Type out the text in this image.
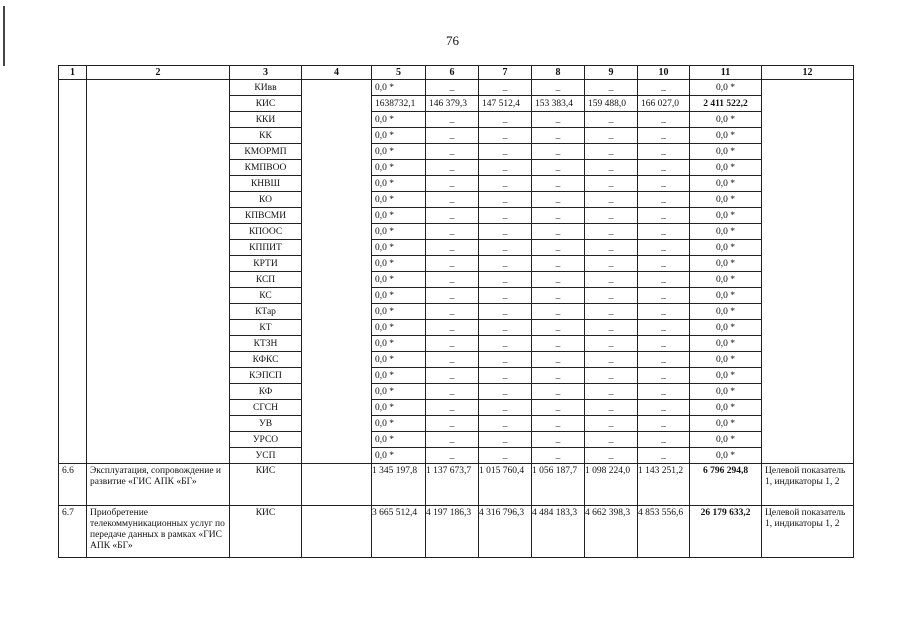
76
1	2	3	4	5	6	7	8	9	10	11	12
		КИвв		0,0 *	_	_	_	_	_	0,0 *	
		КИС		1638732,1	146 379,3	147 512,4	153 383,4	159 488,0	166 027,0	2 411 522,2	
		ККИ		0,0 *	_	_	_	_	_	0,0 *	
		КК		0,0 *	_	_	_	_	_	0,0 *	
		КМОРМП		0,0 *	_	_	_	_	_	0,0 *	
		КМПВОО		0,0 *	_	_	_	_	_	0,0 *	
		КНВШ		0,0 *	_	_	_	_	_	0,0 *	
		КО		0,0 *	_	_	_	_	_	0,0 *	
		КПВСМИ		0,0 *	_	_	_	_	_	0,0 *	
		КПООС		0,0 *	_	_	_	_	_	0,0 *	
		КППИТ		0,0 *	_	_	_	_	_	0,0 *	
		КРТИ		0,0 *	_	_	_	_	_	0,0 *	
		КСП		0,0 *	_	_	_	_	_	0,0 *	
		КС		0,0 *	_	_	_	_	_	0,0 *	
		КТар		0,0 *	_	_	_	_	_	0,0 *	
		КТ		0,0 *	_	_	_	_	_	0,0 *	
		КТЗН		0,0 *	_	_	_	_	_	0,0 *	
		КФКС		0,0 *	_	_	_	_	_	0,0 *	
		КЭПСП		0,0 *	_	_	_	_	_	0,0 *	
		КФ		0,0 *	_	_	_	_	_	0,0 *	
		СГСН		0,0 *	_	_	_	_	_	0,0 *	
		УВ		0,0 *	_	_	_	_	_	0,0 *	
		УРСО		0,0 *	_	_	_	_	_	0,0 *	
		УСП		0,0 *	_	_	_	_	_	0,0 *	
6.6	Эксплуатация, сопровождение и развитие «ГИС АПК «БГ»	КИС		1 345 197,8	1 137 673,7	1 015 760,4	1 056 187,7	1 098 224,0	1 143 251,2	6 796 294,8	Целевой показатель 1, индикаторы 1, 2
6.7	Приобретение телекоммуникационных услуг по передаче данных в рамках «ГИС АПК «БГ»	КИС		3 665 512,4	4 197 186,3	4 316 796,3	4 484 183,3	4 662 398,3	4 853 556,6	26 179 633,2	Целевой показатель 1, индикаторы 1, 2
